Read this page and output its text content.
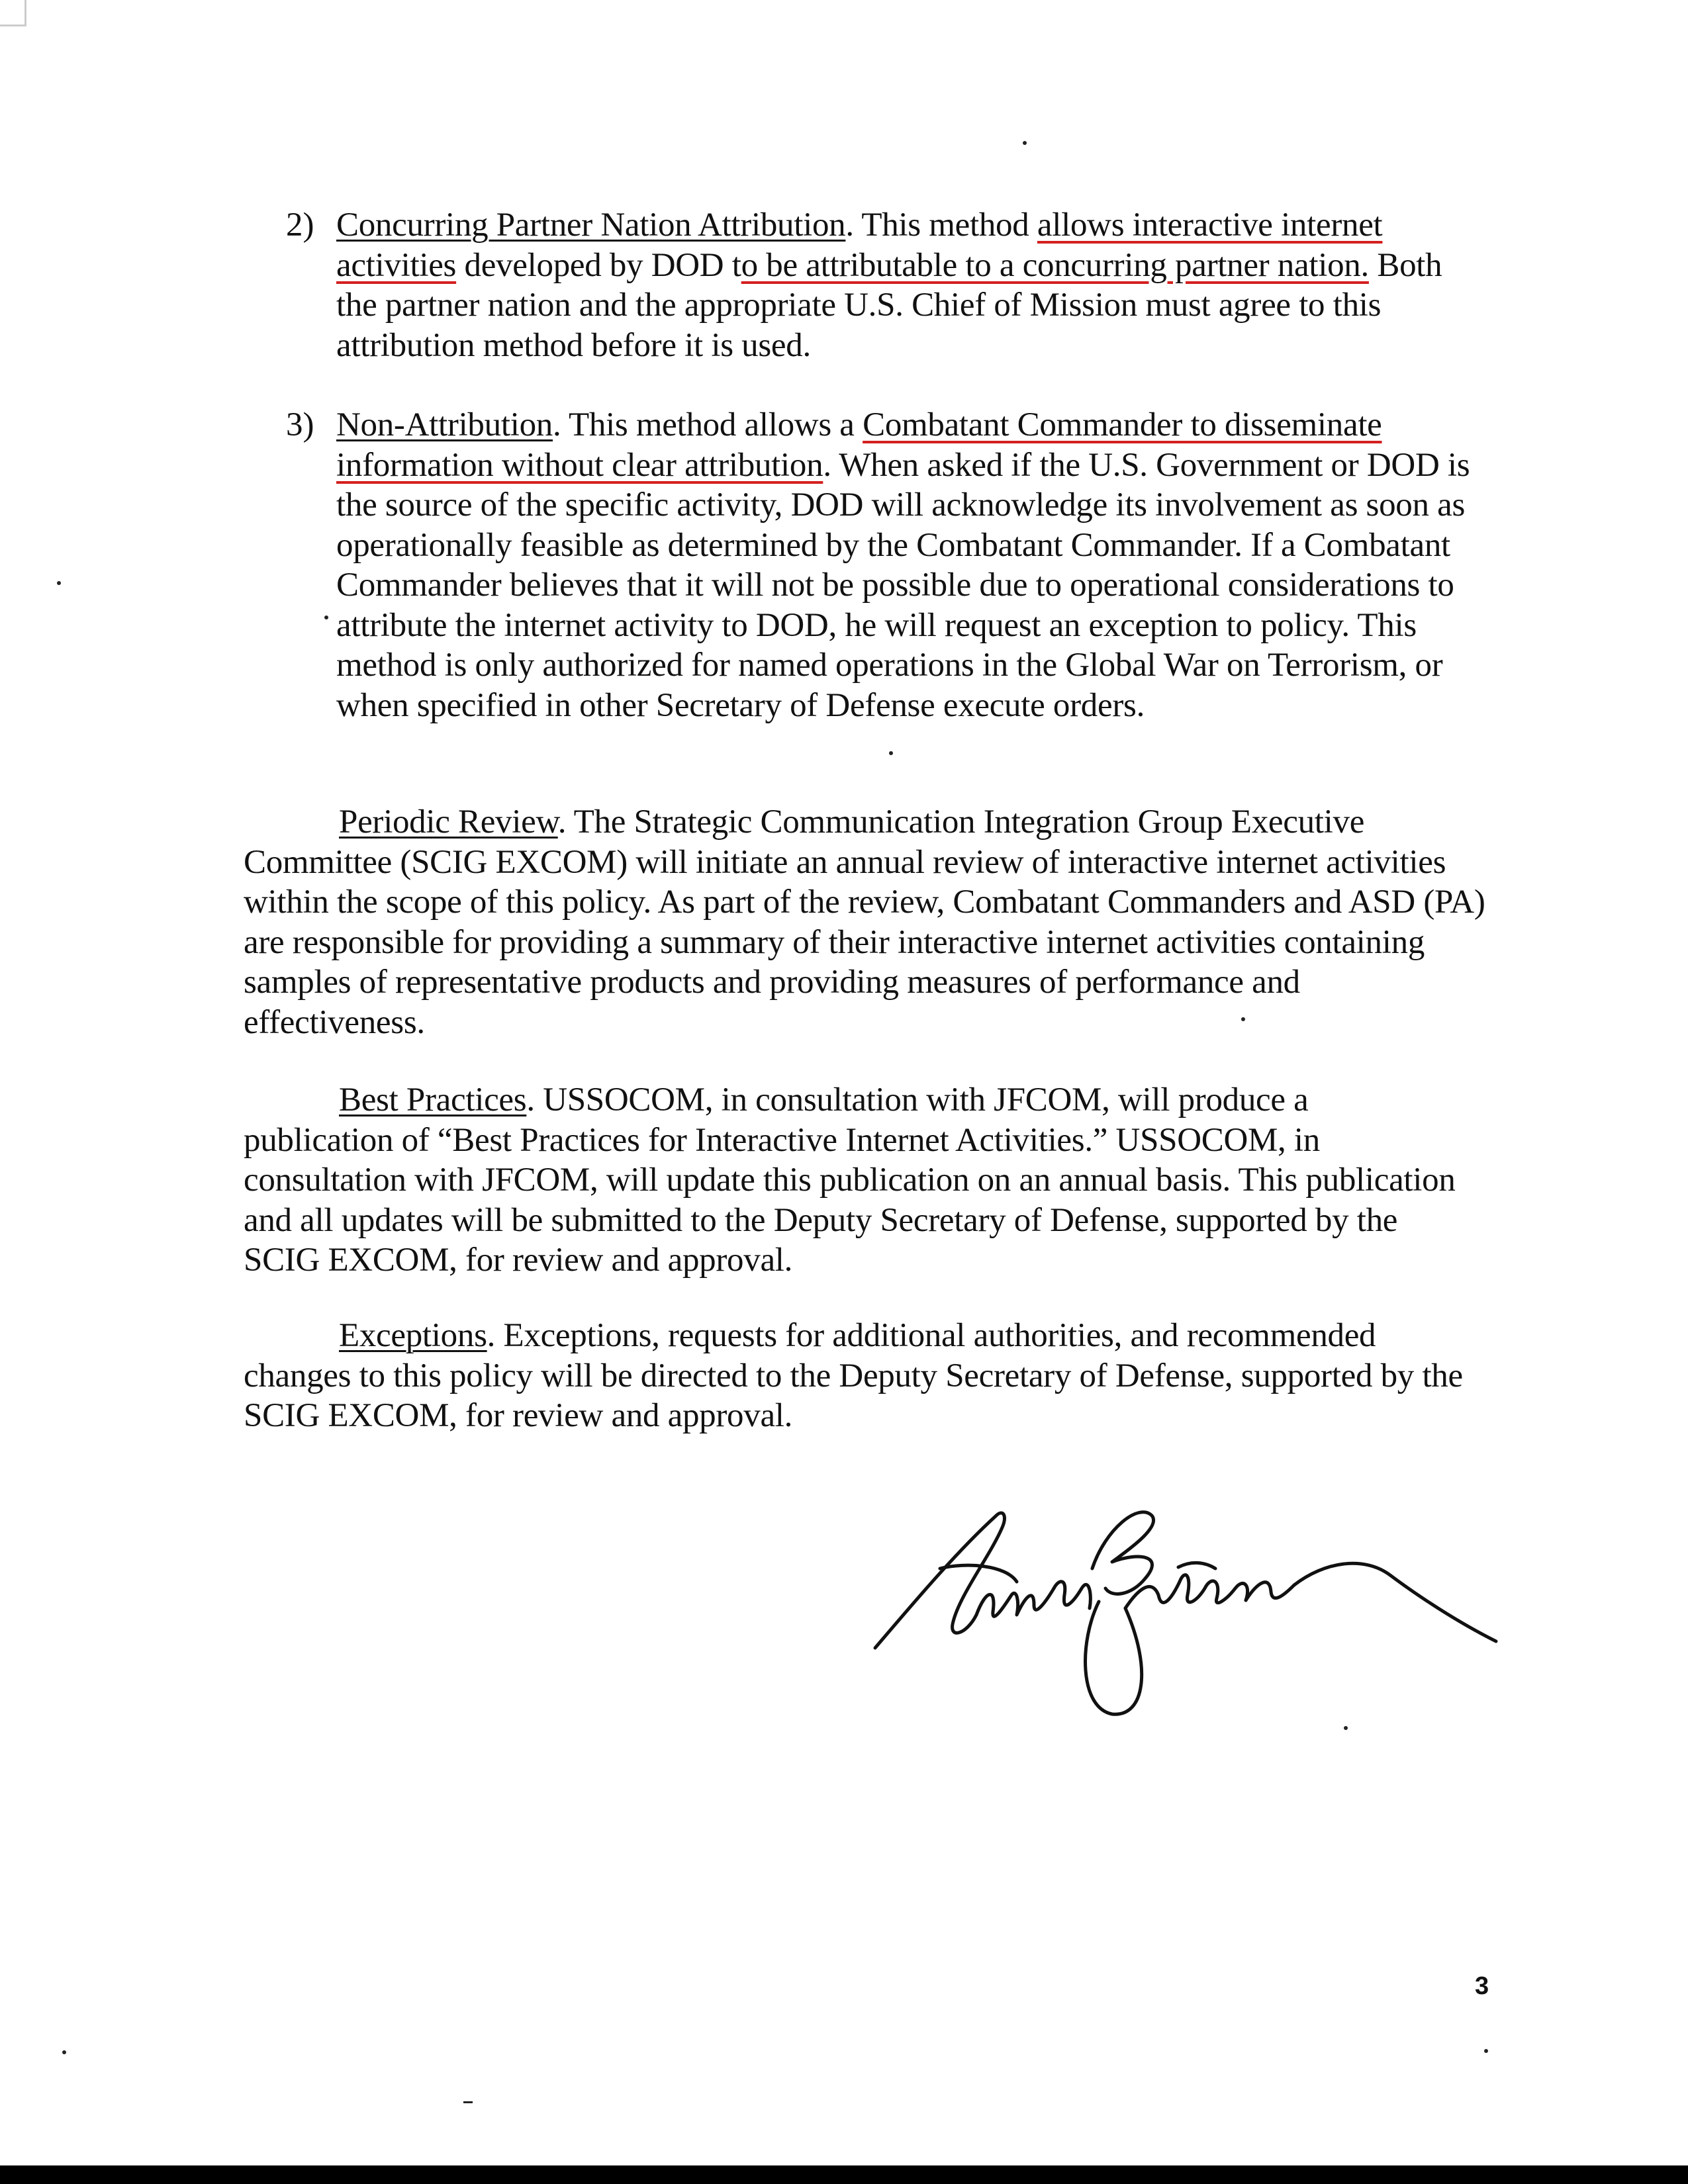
2) Concurring Partner Nation Attribution. This method allows interactive internet activities developed by DOD to be attributable to a concurring partner nation. Both the partner nation and the appropriate U.S. Chief of Mission must agree to this attribution method before it is used.

3) Non-Attribution. This method allows a Combatant Commander to disseminate information without clear attribution. When asked if the U.S. Government or DOD is the source of the specific activity, DOD will acknowledge its involvement as soon as operationally feasible as determined by the Combatant Commander. If a Combatant Commander believes that it will not be possible due to operational considerations to attribute the internet activity to DOD, he will request an exception to policy. This method is only authorized for named operations in the Global War on Terrorism, or when specified in other Secretary of Defense execute orders.

Periodic Review. The Strategic Communication Integration Group Executive Committee (SCIG EXCOM) will initiate an annual review of interactive internet activities within the scope of this policy. As part of the review, Combatant Commanders and ASD (PA) are responsible for providing a summary of their interactive internet activities containing samples of representative products and providing measures of performance and effectiveness.

Best Practices. USSOCOM, in consultation with JFCOM, will produce a publication of “Best Practices for Interactive Internet Activities.” USSOCOM, in consultation with JFCOM, will update this publication on an annual basis. This publication and all updates will be submitted to the Deputy Secretary of Defense, supported by the SCIG EXCOM, for review and approval.

Exceptions. Exceptions, requests for additional authorities, and recommended changes to this policy will be directed to the Deputy Secretary of Defense, supported by the SCIG EXCOM, for review and approval.

3
